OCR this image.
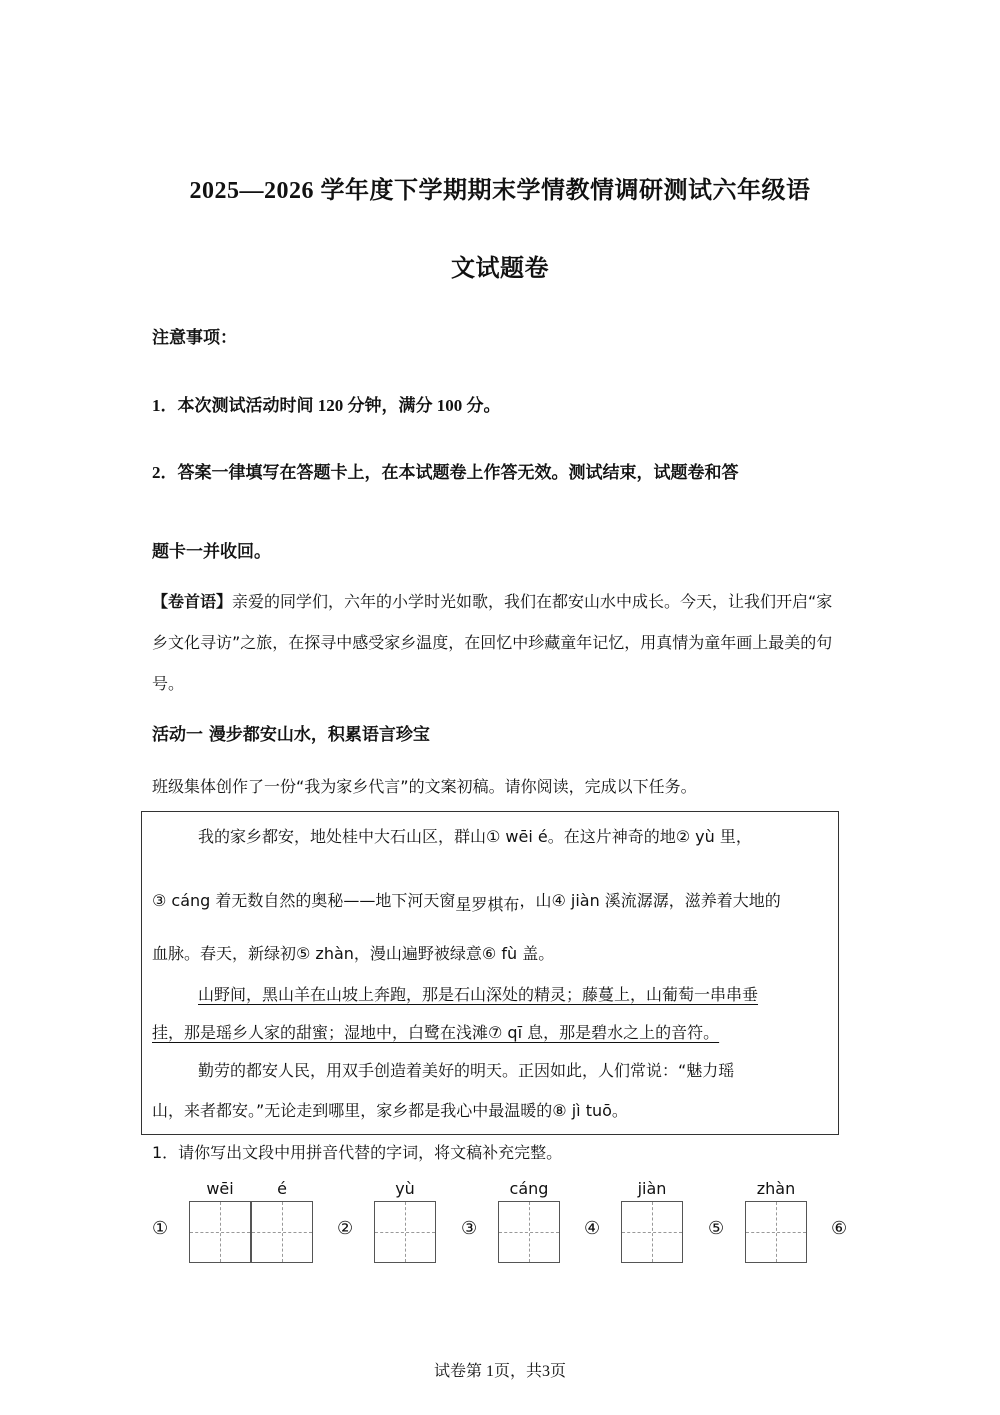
2025—2026 学年度下学期期末学情教情调研测试六年级语
文试题卷
注意事项：
1．本次测试活动时间 120 分钟，满分 100 分。
2．答案一律填写在答题卡上，在本试题卷上作答无效。测试结束，试题卷和答
题卡一并收回。
【卷首语】亲爱的同学们，六年的小学时光如歌，我们在都安山水中成长。今天，让我们开启“家乡文化寻访”之旅，在探寻中感受家乡温度，在回忆中珍藏童年记忆，用真情为童年画上最美的句号。
活动一 漫步都安山水，积累语言珍宝
班级集体创作了一份“我为家乡代言”的文案初稿。请你阅读，完成以下任务。
我的家乡都安，地处桂中大石山区，群山① wēi é。在这片神奇的地② yù 里，
③ cáng 着无数自然的奥秘——地下河天窗星罗棋布，山④ jiàn 溪流潺潺，滋养着大地的
血脉。春天，新绿初⑤ zhàn，漫山遍野被绿意⑥ fù 盖。
山野间，黑山羊在山坡上奔跑，那是石山深处的精灵；藤蔓上，山葡萄一串串垂
挂，那是瑶乡人家的甜蜜；湿地中，白鹭在浅滩⑦ qī 息，那是碧水之上的音符。
勤劳的都安人民，用双手创造着美好的明天。正因如此，人们常说：“魅力瑶
山，来者都安。”无论走到哪里，家乡都是我心中最温暖的⑧ jì tuō。
1．请你写出文段中用拼音代替的字词，将文稿补充完整。
①
wēi	é
②
yù
③
cáng
④
jiàn
⑤
zhàn
⑥
试卷第 1页，共3页
